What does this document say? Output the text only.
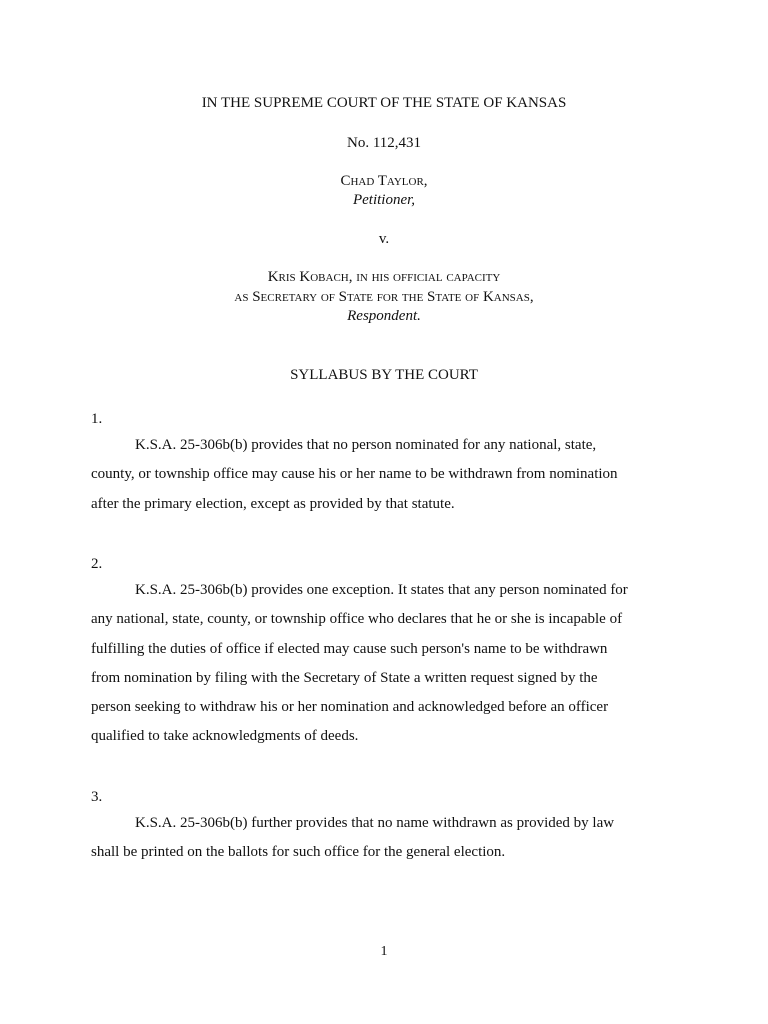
IN THE SUPREME COURT OF THE STATE OF KANSAS
No. 112,431
Chad Taylor,
Petitioner,
v.
Kris Kobach, in his official capacity
as Secretary of State for the State of Kansas,
Respondent.
SYLLABUS BY THE COURT
1.
K.S.A. 25-306b(b) provides that no person nominated for any national, state,
county, or township office may cause his or her name to be withdrawn from nomination
after the primary election, except as provided by that statute.
2.
K.S.A. 25-306b(b) provides one exception. It states that any person nominated for
any national, state, county, or township office who declares that he or she is incapable of
fulfilling the duties of office if elected may cause such person's name to be withdrawn
from nomination by filing with the Secretary of State a written request signed by the
person seeking to withdraw his or her nomination and acknowledged before an officer
qualified to take acknowledgments of deeds.
3.
K.S.A. 25-306b(b) further provides that no name withdrawn as provided by law
shall be printed on the ballots for such office for the general election.
1
